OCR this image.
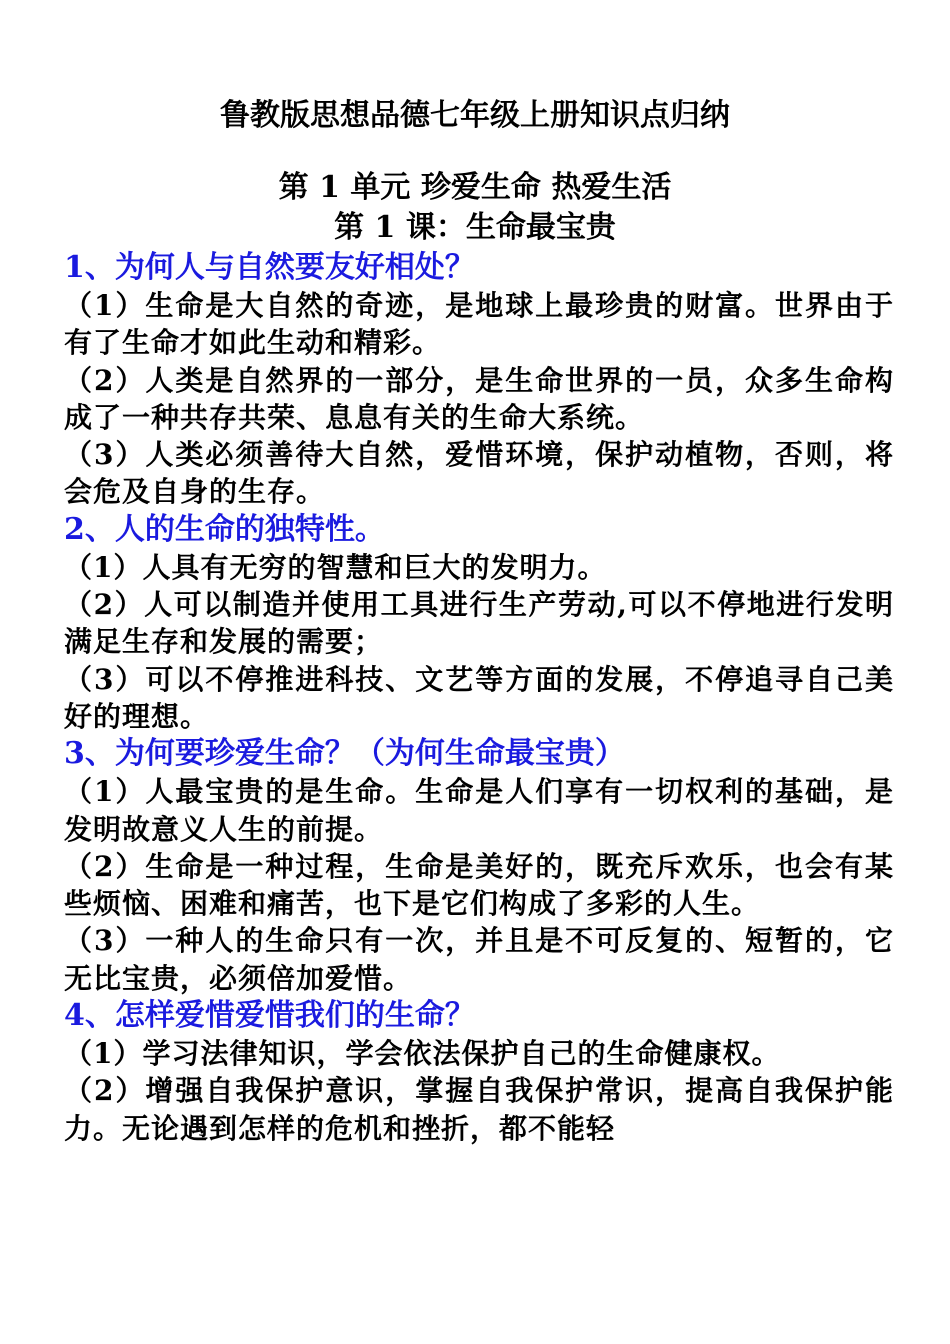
鲁教版思想品德七年级上册知识点归纳
第 1 单元 珍爱生命 热爱生活
第 1 课：生命最宝贵
1、为何人与自然要友好相处？
（1）生命是大自然的奇迹，是地球上最珍贵的财富。世界由于有了生命才如此生动和精彩。
（2）人类是自然界的一部分，是生命世界的一员，众多生命构成了一种共存共荣、息息有关的生命大系统。
（3）人类必须善待大自然，爱惜环境，保护动植物，否则，将会危及自身的生存。
2、人的生命的独特性。
（1）人具有无穷的智慧和巨大的发明力。
（2）人可以制造并使用工具进行生产劳动,可以不停地进行发明满足生存和发展的需要；
（3）可以不停推进科技、文艺等方面的发展，不停追寻自己美好的理想。
3、为何要珍爱生命？（为何生命最宝贵）
（1）人最宝贵的是生命。生命是人们享有一切权利的基础，是发明故意义人生的前提。
（2）生命是一种过程，生命是美好的，既充斥欢乐，也会有某些烦恼、困难和痛苦，也下是它们构成了多彩的人生。
（3）一种人的生命只有一次，并且是不可反复的、短暂的，它无比宝贵，必须倍加爱惜。
4、怎样爱惜爱惜我们的生命？
（1）学习法律知识，学会依法保护自己的生命健康权。
（2）增强自我保护意识，掌握自我保护常识，提高自我保护能力。无论遇到怎样的危机和挫折，都不能轻
